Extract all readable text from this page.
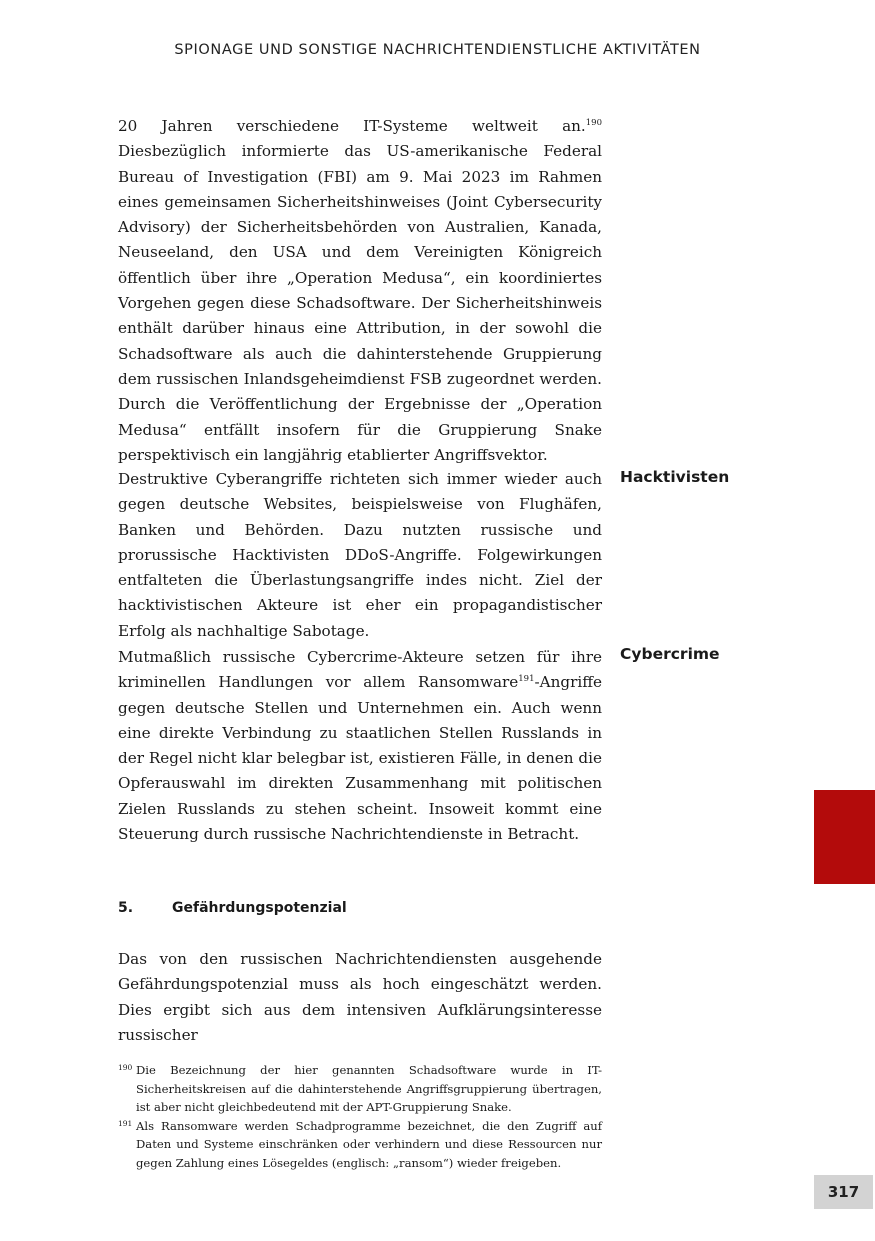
SPIONAGE UND SONSTIGE NACHRICHTENDIENSTLICHE AKTIVITÄTEN

20 Jahren verschiedene IT-Systeme weltweit an.$^{190}$ Diesbezüglich informierte das US-amerikanische Federal Bureau of Investigation (FBI) am 9. Mai 2023 im Rahmen eines gemeinsamen Sicherheitshinweises (Joint Cybersecurity Advisory) der Sicherheitsbehörden von Australien, Kanada, Neuseeland, den USA und dem Vereinigten Königreich öffentlich über ihre „Operation Medusa“, ein koordiniertes Vorgehen gegen diese Schadsoftware. Der Sicherheitshinweis enthält darüber hinaus eine Attribution, in der sowohl die Schadsoftware als auch die dahinterstehende Gruppierung dem russischen Inlandsgeheimdienst FSB zugeordnet werden. Durch die Veröffentlichung der Ergebnisse der „Operation Medusa“ entfällt insofern für die Gruppierung Snake perspektivisch ein langjährig etablierter Angriffsvektor.

Hacktivisten

Destruktive Cyberangriffe richteten sich immer wieder auch gegen deutsche Websites, beispielsweise von Flughäfen, Banken und Behörden. Dazu nutzten russische und prorussische Hacktivisten DDoS-Angriffe. Folgewirkungen entfalteten die Überlastungsangriffe indes nicht. Ziel der hacktivistischen Akteure ist eher ein propagandistischer Erfolg als nachhaltige Sabotage.

Cybercrime

Mutmaßlich russische Cybercrime-Akteure setzen für ihre kriminellen Handlungen vor allem Ransomware$^{191}$-Angriffe gegen deutsche Stellen und Unternehmen ein. Auch wenn eine direkte Verbindung zu staatlichen Stellen Russlands in der Regel nicht klar belegbar ist, existieren Fälle, in denen die Opferauswahl im direkten Zusammenhang mit politischen Zielen Russlands zu stehen scheint. Insoweit kommt eine Steuerung durch russische Nachrichtendienste in Betracht.

5.	Gefährdungspotenzial

Das von den russischen Nachrichtendiensten ausgehende Gefährdungspotenzial muss als hoch eingeschätzt werden. Dies ergibt sich aus dem intensiven Aufklärungsinteresse russischer

190 Die Bezeichnung der hier genannten Schadsoftware wurde in IT-Sicherheitskreisen auf die dahinterstehende Angriffsgruppierung übertragen, ist aber nicht gleichbedeutend mit der APT-Gruppierung Snake.

191 Als Ransomware werden Schadprogramme bezeichnet, die den Zugriff auf Daten und Systeme einschränken oder verhindern und diese Ressourcen nur gegen Zahlung eines Lösegeldes (englisch: „ransom“) wieder freigeben.

317
